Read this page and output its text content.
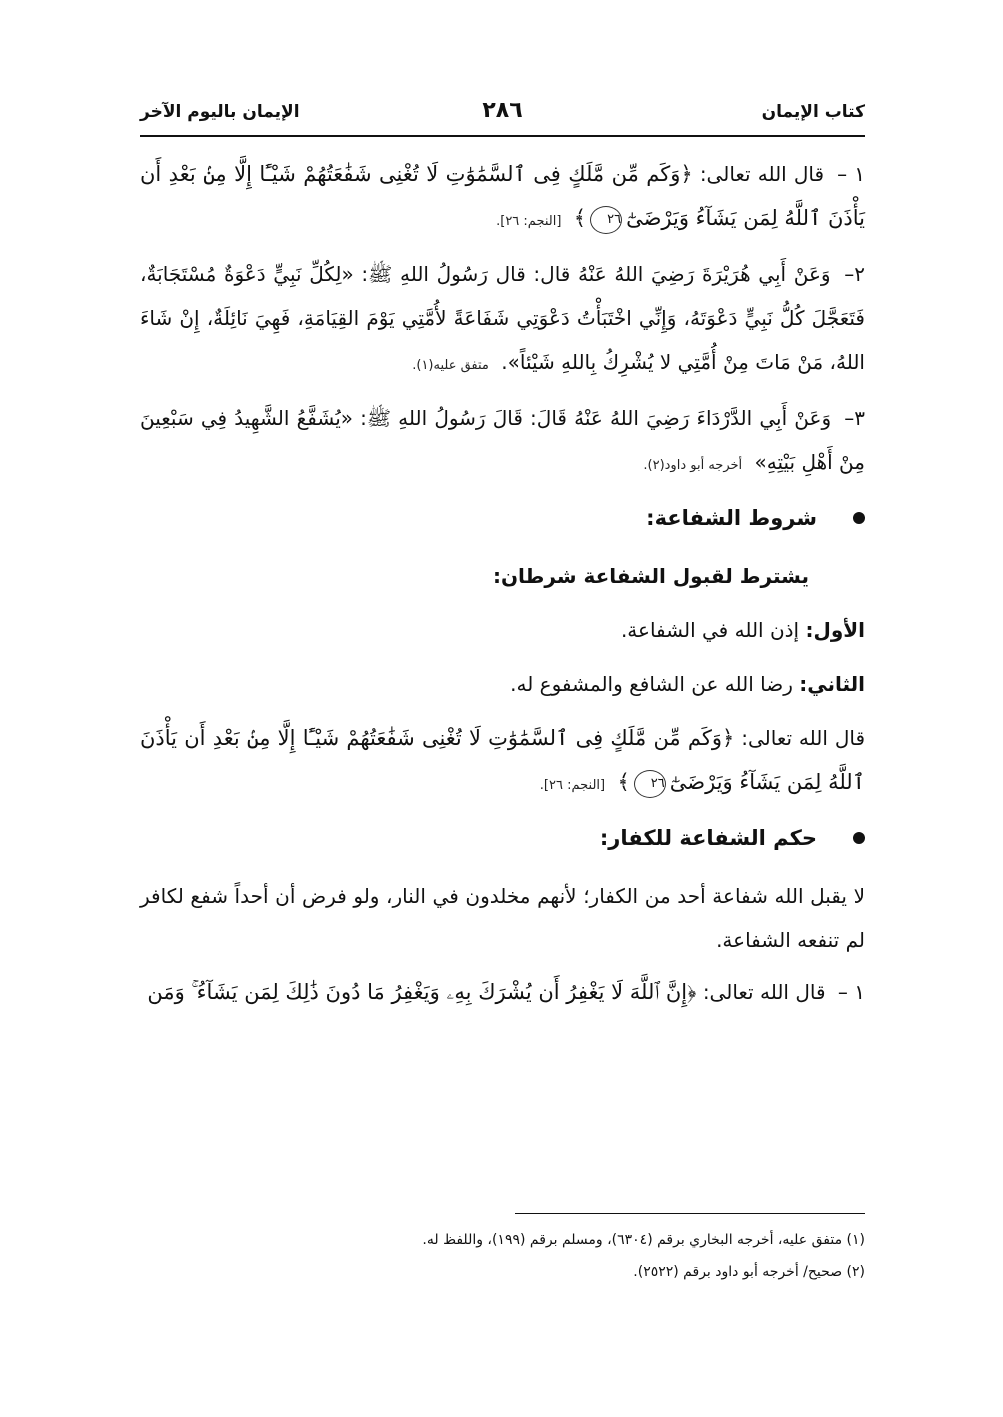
كتاب الإيمان
٢٨٦
الإيمان باليوم الآخر

١ – قال الله تعالى: ﴿وَكَم مِّن مَّلَكٍ فِى ٱلسَّمَٰوَٰتِ لَا تُغْنِى شَفَٰعَتُهُمْ شَيْـًٔا إِلَّا مِنۢ بَعْدِ أَن يَأْذَنَ ٱللَّهُ لِمَن يَشَآءُ وَيَرْضَىٰٓ٢٦﴾ [النجم: ٢٦].

٢– وَعَنْ أَبِي هُرَيْرَةَ رَضِيَ اللهُ عَنْهُ قال: قال رَسُولُ اللهِ ﷺ: «لِكُلِّ نَبِيٍّ دَعْوَةٌ مُسْتَجَابَةٌ، فَتَعَجَّلَ كُلُّ نَبِيٍّ دَعْوَتَهُ، وَإِنِّي اخْتَبَأْتُ دَعْوَتِي شَفَاعَةً لأُمَّتِي يَوْمَ القِيَامَةِ، فَهِيَ نَائِلَةٌ، إِنْ شَاءَ اللهُ، مَنْ مَاتَ مِنْ أُمَّتِي لا يُشْرِكُ بِاللهِ شَيْئاً». متفق عليه(١).

٣– وَعَنْ أَبِي الدَّرْدَاءَ رَضِيَ اللهُ عَنْهُ قَالَ: قَالَ رَسُولُ اللهِ ﷺ: «يُشَفَّعُ الشَّهِيدُ فِي سَبْعِينَ مِنْ أَهْلِ بَيْتِهِ» أخرجه أبو داود(٢).

شروط الشفاعة:

يشترط لقبول الشفاعة شرطان:

الأول: إذن الله في الشفاعة.

الثاني: رضا الله عن الشافع والمشفوع له.

قال الله تعالى: ﴿وَكَم مِّن مَّلَكٍ فِى ٱلسَّمَٰوَٰتِ لَا تُغْنِى شَفَٰعَتُهُمْ شَيْـًٔا إِلَّا مِنۢ بَعْدِ أَن يَأْذَنَ ٱللَّهُ لِمَن يَشَآءُ وَيَرْضَىٰٓ٢٦﴾ [النجم: ٢٦].

حكم الشفاعة للكفار:

لا يقبل الله شفاعة أحد من الكفار؛ لأنهم مخلدون في النار، ولو فرض أن أحداً شفع لكافر لم تنفعه الشفاعة.

١ – قال الله تعالى: ﴿إِنَّ ٱللَّهَ لَا يَغْفِرُ أَن يُشْرَكَ بِهِۦ وَيَغْفِرُ مَا دُونَ ذَٰلِكَ لِمَن يَشَآءُ ۚ وَمَن

(١) متفق عليه، أخرجه البخاري برقم (٦٣٠٤)، ومسلم برقم (١٩٩)، واللفظ له.

(٢) صحيح/ أخرجه أبو داود برقم (٢٥٢٢).
